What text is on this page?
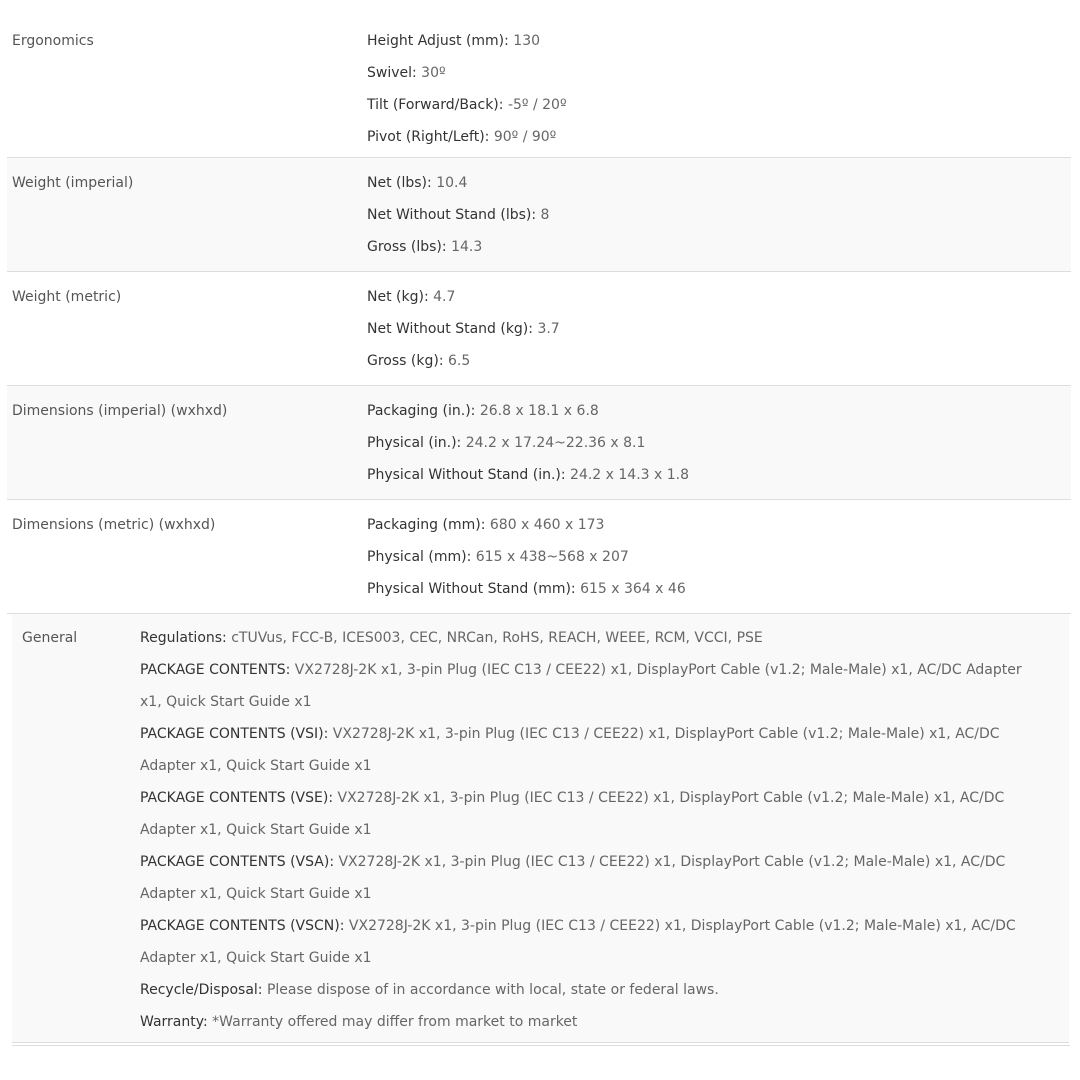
Ergonomics	Height Adjust (mm): 130
Swivel: 30º
Tilt (Forward/Back): -5º / 20º
Pivot (Right/Left): 90º / 90º
Weight (imperial)	Net (lbs): 10.4
Net Without Stand (lbs): 8
Gross (lbs): 14.3
Weight (metric)	Net (kg): 4.7
Net Without Stand (kg): 3.7
Gross (kg): 6.5
Dimensions (imperial) (wxhxd)	Packaging (in.): 26.8 x 18.1 x 6.8
Physical (in.): 24.2 x 17.24~22.36 x 8.1
Physical Without Stand (in.): 24.2 x 14.3 x 1.8
Dimensions (metric) (wxhxd)	Packaging (mm): 680 x 460 x 173
Physical (mm): 615 x 438~568 x 207
Physical Without Stand (mm): 615 x 364 x 46
General	Regulations: cTUVus, FCC-B, ICES003, CEC, NRCan, RoHS, REACH, WEEE, RCM, VCCI, PSE
PACKAGE CONTENTS: VX2728J-2K x1, 3-pin Plug (IEC C13 / CEE22) x1, DisplayPort Cable (v1.2; Male-Male) x1, AC/DC Adapter x1, Quick Start Guide x1
PACKAGE CONTENTS (VSI): VX2728J-2K x1, 3-pin Plug (IEC C13 / CEE22) x1, DisplayPort Cable (v1.2; Male-Male) x1, AC/DC Adapter x1, Quick Start Guide x1
PACKAGE CONTENTS (VSE): VX2728J-2K x1, 3-pin Plug (IEC C13 / CEE22) x1, DisplayPort Cable (v1.2; Male-Male) x1, AC/DC Adapter x1, Quick Start Guide x1
PACKAGE CONTENTS (VSA): VX2728J-2K x1, 3-pin Plug (IEC C13 / CEE22) x1, DisplayPort Cable (v1.2; Male-Male) x1, AC/DC Adapter x1, Quick Start Guide x1
PACKAGE CONTENTS (VSCN): VX2728J-2K x1, 3-pin Plug (IEC C13 / CEE22) x1, DisplayPort Cable (v1.2; Male-Male) x1, AC/DC Adapter x1, Quick Start Guide x1
Recycle/Disposal: Please dispose of in accordance with local, state or federal laws.
Warranty: *Warranty offered may differ from market to market
